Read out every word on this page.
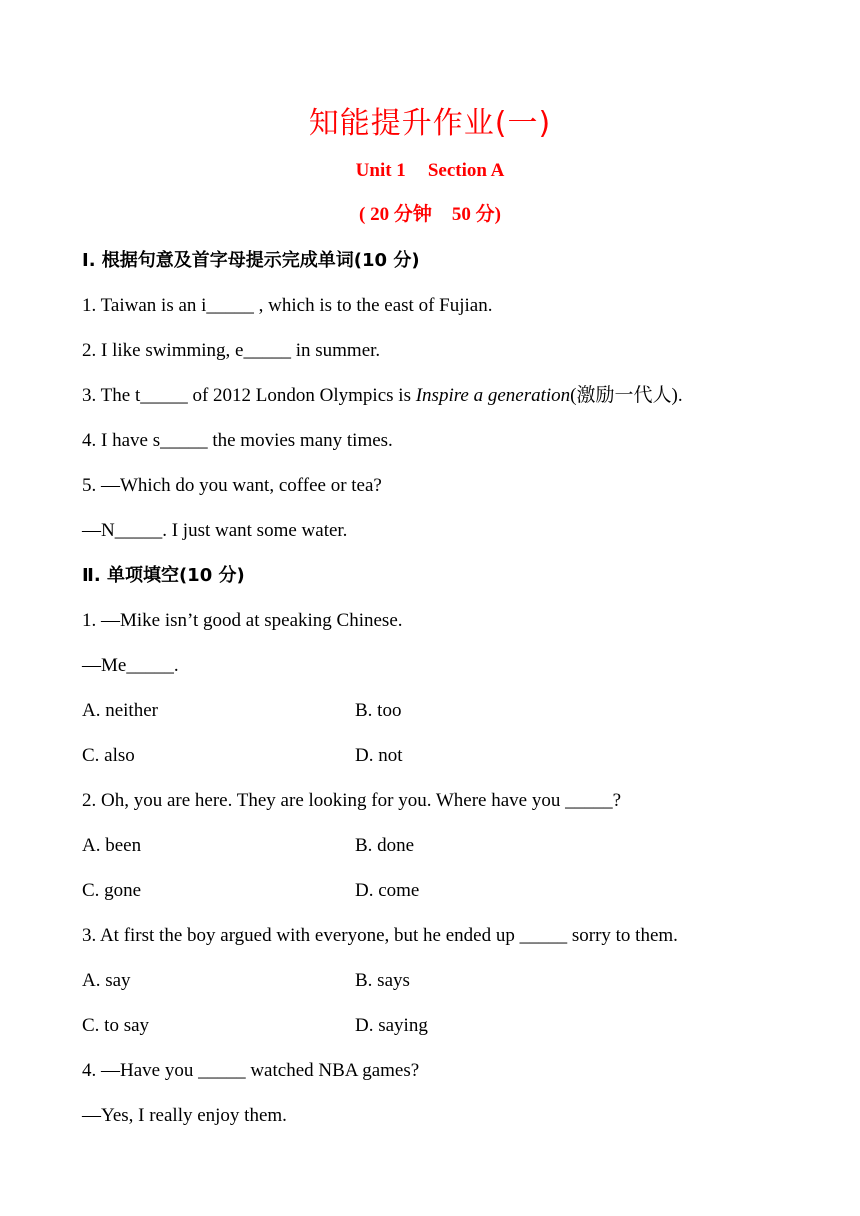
知能提升作业(一)
Unit 1 Section A
( 20 分钟 50 分)
Ⅰ. 根据句意及首字母提示完成单词(10 分)
1. Taiwan is an i_____ , which is to the east of Fujian.
2. I like swimming, e_____ in summer.
3. The t_____ of 2012 London Olympics is Inspire a generation(激励一代人).
4. I have s_____ the movies many times.
5. —Which do you want, coffee or tea?
—N_____. I just want some water.
Ⅱ. 单项填空(10 分)
1. —Mike isn’t good at speaking Chinese.
—Me_____.
A. neither	B. too
C. also	D. not
2. Oh, you are here. They are looking for you. Where have you _____?
A. been	B. done
C. gone	D. come
3. At first the boy argued with everyone, but he ended up _____ sorry to them.
A. say	B. says
C. to say	D. saying
4. —Have you _____ watched NBA games?
—Yes, I really enjoy them.
